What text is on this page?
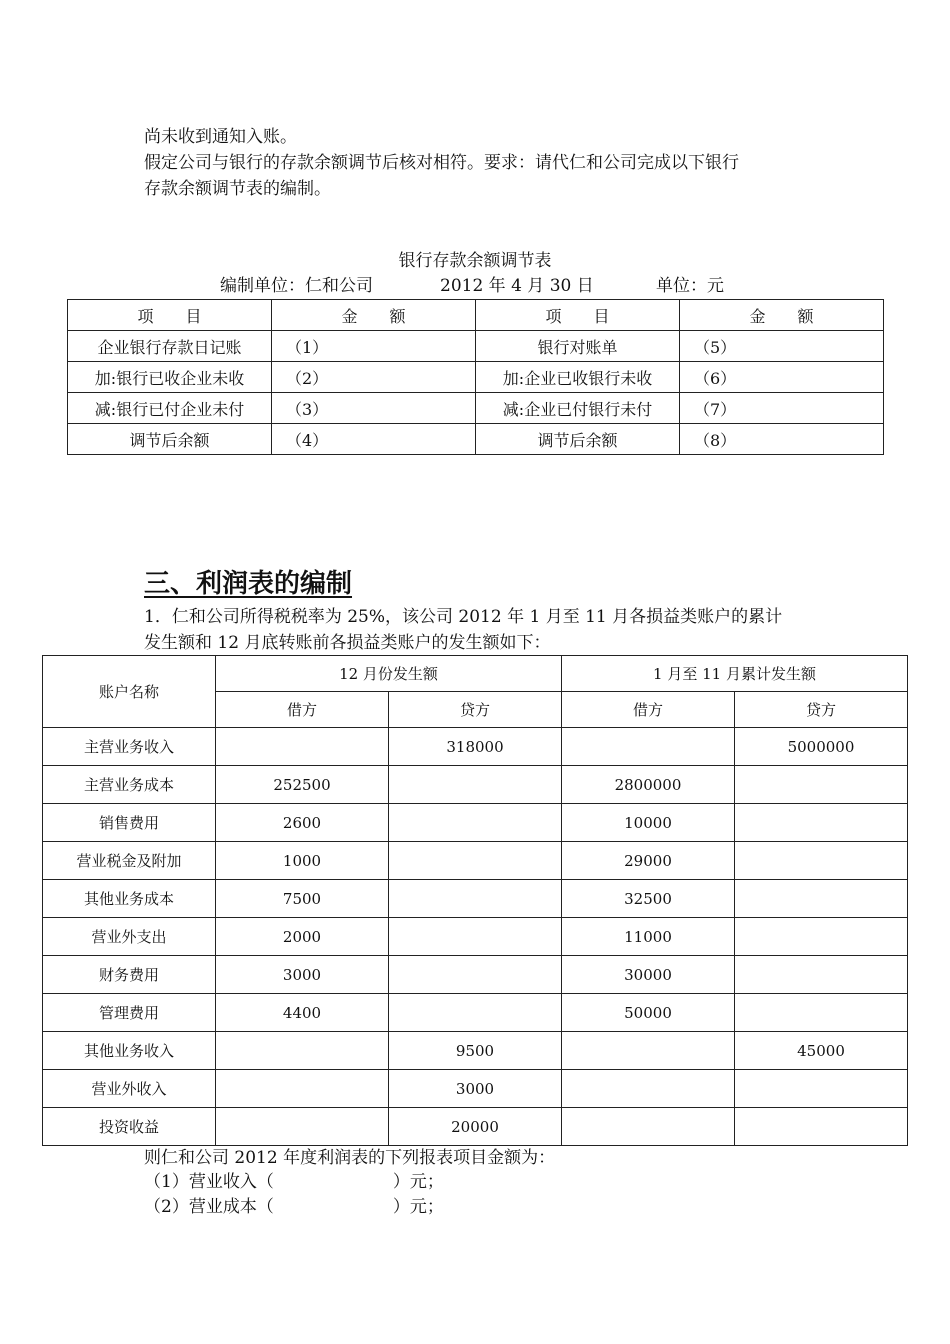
尚未收到通知入账。
假定公司与银行的存款余额调节后核对相符。要求：请代仁和公司完成以下银行
存款余额调节表的编制。
银行存款余额调节表
编制单位：仁和公司	2012 年 4 月 30 日	单位：元
项　　目	金　　额	项　　目	金　　额
企业银行存款日记账	（1）	银行对账单	（5）
加:银行已收企业未收	（2）	加:企业已收银行未收	（6）
减:银行已付企业未付	（3）	减:企业已付银行未付	（7）
调节后余额	（4）	调节后余额	（8）
三、利润表的编制
1．仁和公司所得税税率为 25%，该公司 2012 年 1 月至 11 月各损益类账户的累计
发生额和 12 月底转账前各损益类账户的发生额如下：
账户名称	12 月份发生额		1 月至 11 月累计发生额	
	借方	贷方	借方	贷方
主营业务收入		318000		5000000
主营业务成本	252500		2800000	
销售费用	2600		10000	
营业税金及附加	1000		29000	
其他业务成本	7500		32500	
营业外支出	2000		11000	
财务费用	3000		30000	
管理费用	4400		50000	
其他业务收入		9500		45000
营业外收入		3000		
投资收益		20000		
则仁和公司 2012 年度利润表的下列报表项目金额为：
（1）营业收入（　　　　　　　）元；
（2）营业成本（　　　　　　　）元；
